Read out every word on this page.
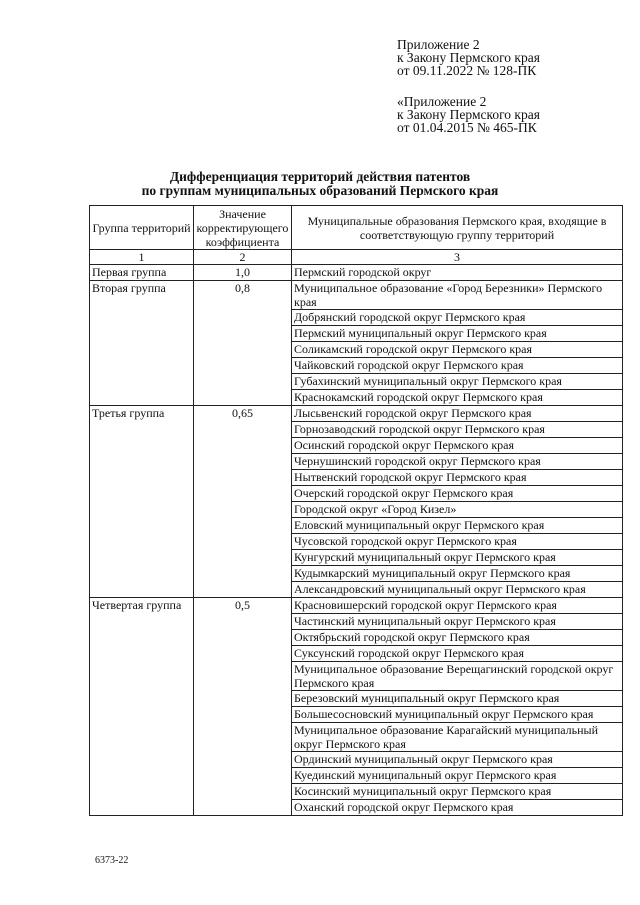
Приложение 2
к Закону Пермского края
от 09.11.2022 № 128-ПК
«Приложение 2
к Закону Пермского края
от 01.04.2015 № 465-ПК
Дифференциация территорий действия патентов
по группам муниципальных образований Пермского края
Группа территорий	Значение корректирующего коэффициента	Муниципальные образования Пермского края, входящие в соответствующую группу территорий
1	2	3
Первая группа	1,0	Пермский городской округ
Вторая группа	0,8	Муниципальное образование «Город Березники» Пермского края
		Добрянский городской округ Пермского края
		Пермский муниципальный округ Пермского края
		Соликамский городской округ Пермского края
		Чайковский городской округ Пермского края
		Губахинский муниципальный округ Пермского края
		Краснокамский городской округ Пермского края
Третья группа	0,65	Лысьвенский городской округ Пермского края
		Горнозаводский городской округ Пермского края
		Осинский городской округ Пермского края
		Чернушинский городской округ Пермского края
		Нытвенский городской округ Пермского края
		Очерский городской округ Пермского края
		Городской округ «Город Кизел»
		Еловский муниципальный округ Пермского края
		Чусовской городской округ Пермского края
		Кунгурский муниципальный округ Пермского края
		Кудымкарский муниципальный округ Пермского края
		Александровский муниципальный округ Пермского края
Четвертая группа	0,5	Красновишерский городской округ Пермского края
		Частинский муниципальный округ Пермского края
		Октябрьский городской округ Пермского края
		Суксунский городской округ Пермского края
		Муниципальное образование Верещагинский городской округ Пермского края
		Березовский муниципальный округ Пермского края
		Большесосновский муниципальный округ Пермского края
		Муниципальное образование Карагайский муниципальный округ Пермского края
		Ординский муниципальный округ Пермского края
		Куединский муниципальный округ Пермского края
		Косинский муниципальный округ Пермского края
		Оханский городской округ Пермского края
6373-22
